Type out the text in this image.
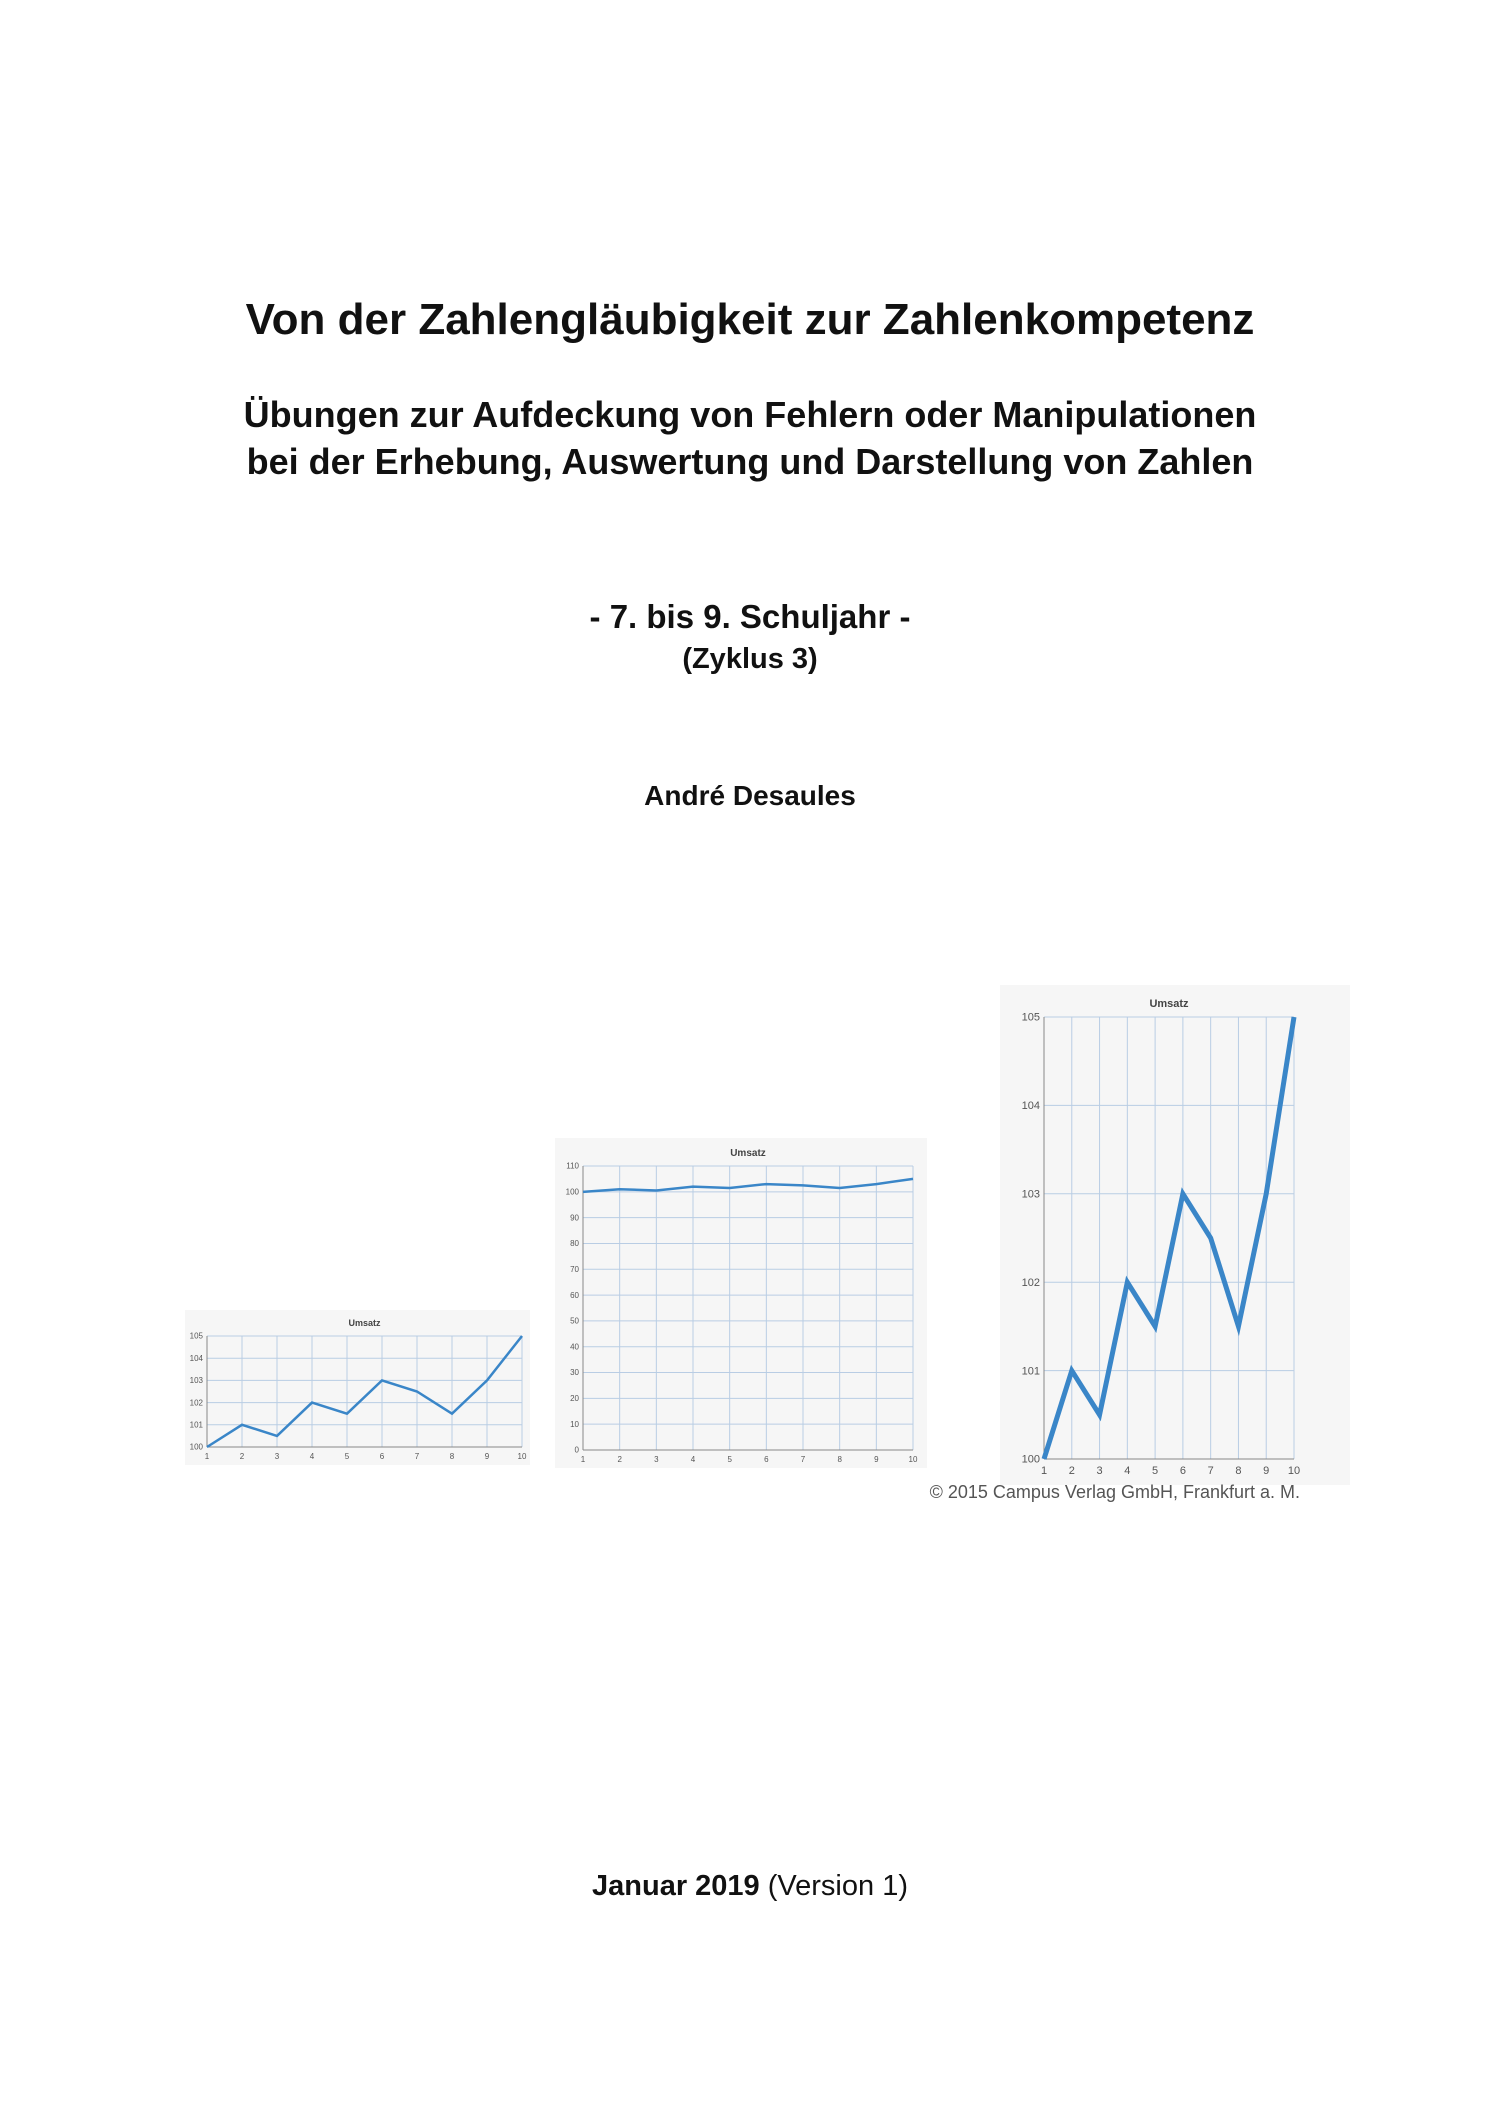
Von der Zahlengläubigkeit zur Zahlenkompetenz
Übungen zur Aufdeckung von Fehlern oder Manipulationen
bei der Erhebung, Auswertung und Darstellung von Zahlen
- 7. bis 9. Schuljahr -
(Zyklus 3)
André Desaules
Umsatz
100
101
102
103
104
105
1	2	3	4	5	6	7	8	9	10
Umsatz
0
10
20
30
40
50
60
70
80
90
100
110
1	2	3	4	5	6	7	8	9	10
Umsatz
100
101
102
103
104
105
1 2 3 4 5 6 7 8 9 10
© 2015 Campus Verlag GmbH, Frankfurt a. M.
Januar 2019 (Version 1)
